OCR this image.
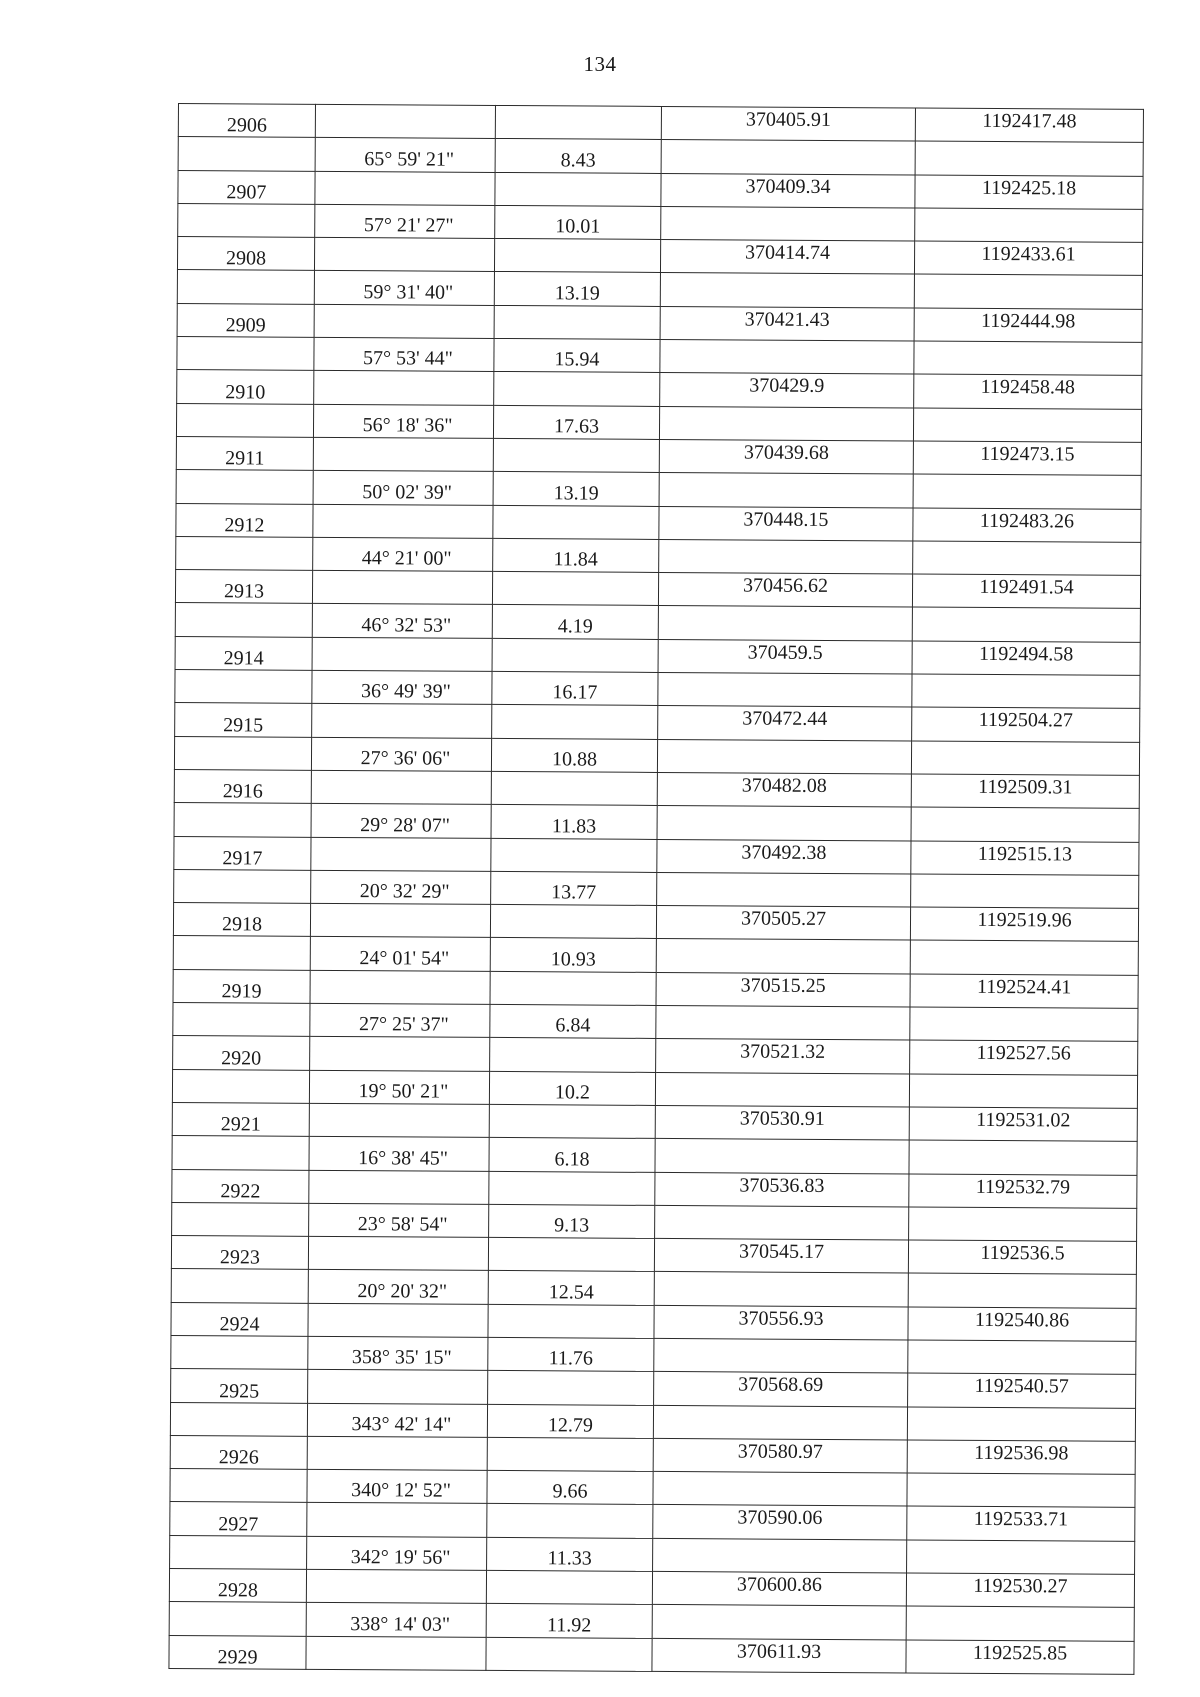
134
2906			370405.91	1192417.48
	65° 59' 21"	8.43		
2907			370409.34	1192425.18
	57° 21' 27"	10.01		
2908			370414.74	1192433.61
	59° 31' 40"	13.19		
2909			370421.43	1192444.98
	57° 53' 44"	15.94		
2910			370429.9	1192458.48
	56° 18' 36"	17.63		
2911			370439.68	1192473.15
	50° 02' 39"	13.19		
2912			370448.15	1192483.26
	44° 21' 00"	11.84		
2913			370456.62	1192491.54
	46° 32' 53"	4.19		
2914			370459.5	1192494.58
	36° 49' 39"	16.17		
2915			370472.44	1192504.27
	27° 36' 06"	10.88		
2916			370482.08	1192509.31
	29° 28' 07"	11.83		
2917			370492.38	1192515.13
	20° 32' 29"	13.77		
2918			370505.27	1192519.96
	24° 01' 54"	10.93		
2919			370515.25	1192524.41
	27° 25' 37"	6.84		
2920			370521.32	1192527.56
	19° 50' 21"	10.2		
2921			370530.91	1192531.02
	16° 38' 45"	6.18		
2922			370536.83	1192532.79
	23° 58' 54"	9.13		
2923			370545.17	1192536.5
	20° 20' 32"	12.54		
2924			370556.93	1192540.86
	358° 35' 15"	11.76		
2925			370568.69	1192540.57
	343° 42' 14"	12.79		
2926			370580.97	1192536.98
	340° 12' 52"	9.66		
2927			370590.06	1192533.71
	342° 19' 56"	11.33		
2928			370600.86	1192530.27
	338° 14' 03"	11.92		
2929			370611.93	1192525.85
